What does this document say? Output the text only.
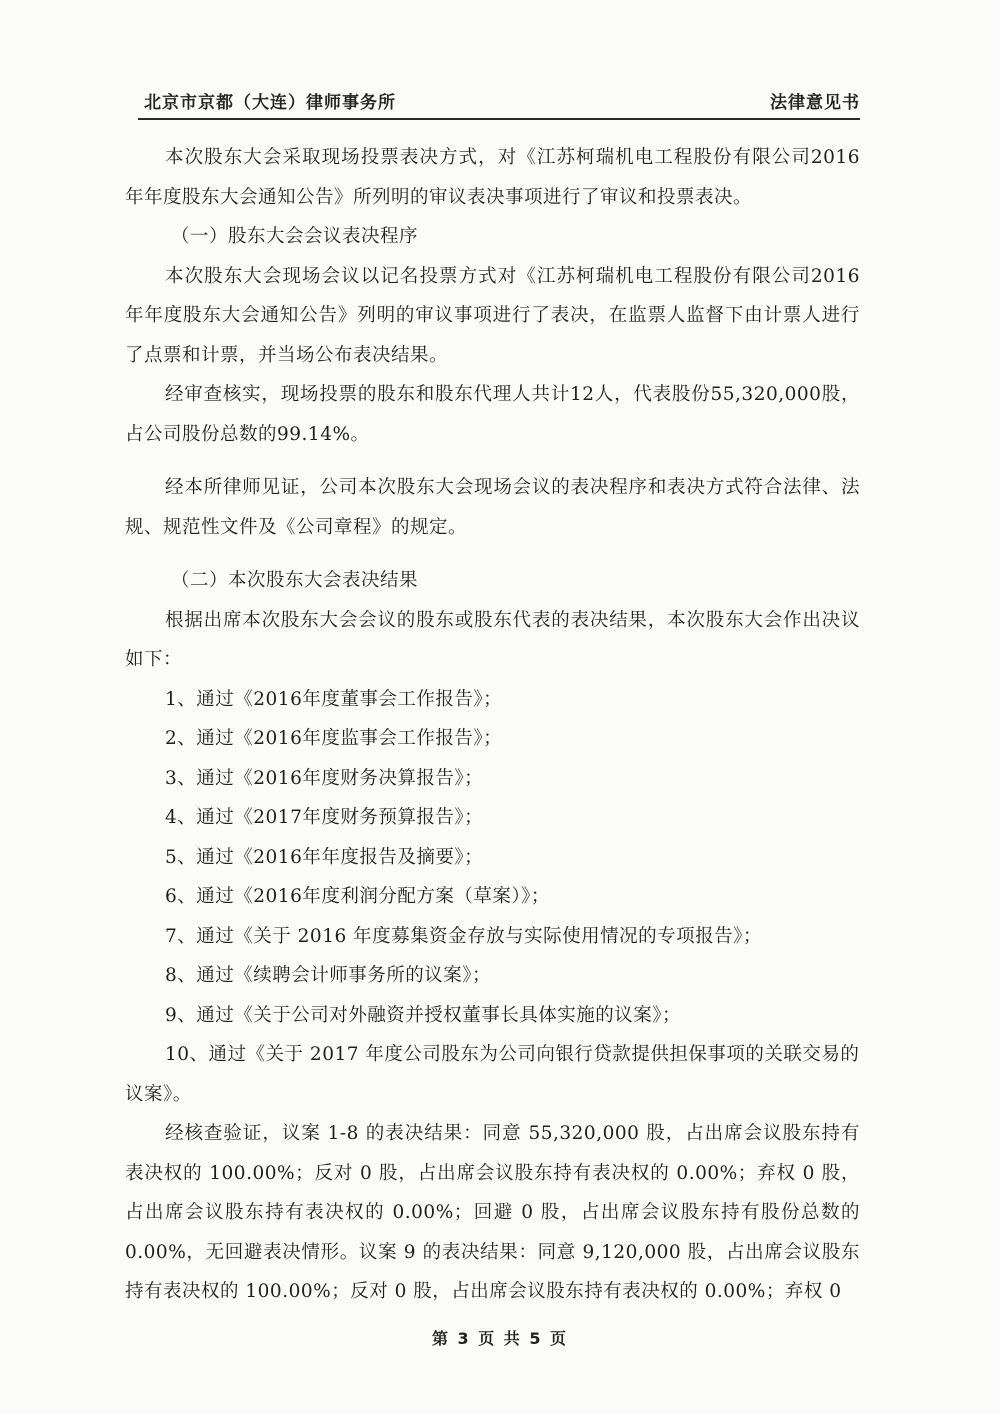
北京市京都（大连）律师事务所	法律意见书

本次股东大会采取现场投票表决方式，对《江苏柯瑞机电工程股份有限公司2016年年度股东大会通知公告》所列明的审议表决事项进行了审议和投票表决。

（一）股东大会会议表决程序

本次股东大会现场会议以记名投票方式对《江苏柯瑞机电工程股份有限公司2016年年度股东大会通知公告》列明的审议事项进行了表决，在监票人监督下由计票人进行了点票和计票，并当场公布表决结果。

经审查核实，现场投票的股东和股东代理人共计12人，代表股份55,320,000股，占公司股份总数的99.14%。

经本所律师见证，公司本次股东大会现场会议的表决程序和表决方式符合法律、法规、规范性文件及《公司章程》的规定。

（二）本次股东大会表决结果

根据出席本次股东大会会议的股东或股东代表的表决结果，本次股东大会作出决议如下：

1、通过《2016年度董事会工作报告》；

2、通过《2016年度监事会工作报告》；

3、通过《2016年度财务决算报告》；

4、通过《2017年度财务预算报告》；

5、通过《2016年年度报告及摘要》；

6、通过《2016年度利润分配方案（草案）》；

7、通过《关于 2016 年度募集资金存放与实际使用情况的专项报告》；

8、通过《续聘会计师事务所的议案》；

9、通过《关于公司对外融资并授权董事长具体实施的议案》；

10、通过《关于 2017 年度公司股东为公司向银行贷款提供担保事项的关联交易的议案》。

经核查验证，议案 1-8 的表决结果：同意 55,320,000 股，占出席会议股东持有表决权的 100.00%；反对 0 股，占出席会议股东持有表决权的 0.00%；弃权 0 股，占出席会议股东持有表决权的 0.00%；回避 0 股，占出席会议股东持有股份总数的 0.00%，无回避表决情形。议案 9 的表决结果：同意 9,120,000 股，占出席会议股东持有表决权的 100.00%；反对 0 股，占出席会议股东持有表决权的 0.00%；弃权 0

第 3 页 共 5 页
